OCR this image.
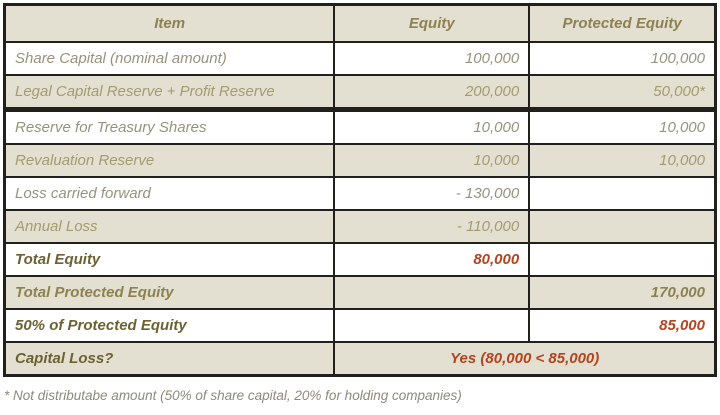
Item	Equity	Protected Equity
Share Capital (nominal amount)	100,000	100,000
Legal Capital Reserve + Profit Reserve	200,000	50,000*
Reserve for Treasury Shares	10,000	10,000
Revaluation Reserve	10,000	10,000
Loss carried forward	- 130,000	
Annual Loss	- 110,000	
Total Equity	80,000	
Total Protected Equity		170,000
50% of Protected Equity		85,000
Capital Loss?	Yes (80,000 < 85,000)	
* Not distributabe amount (50% of share capital, 20% for holding companies)
